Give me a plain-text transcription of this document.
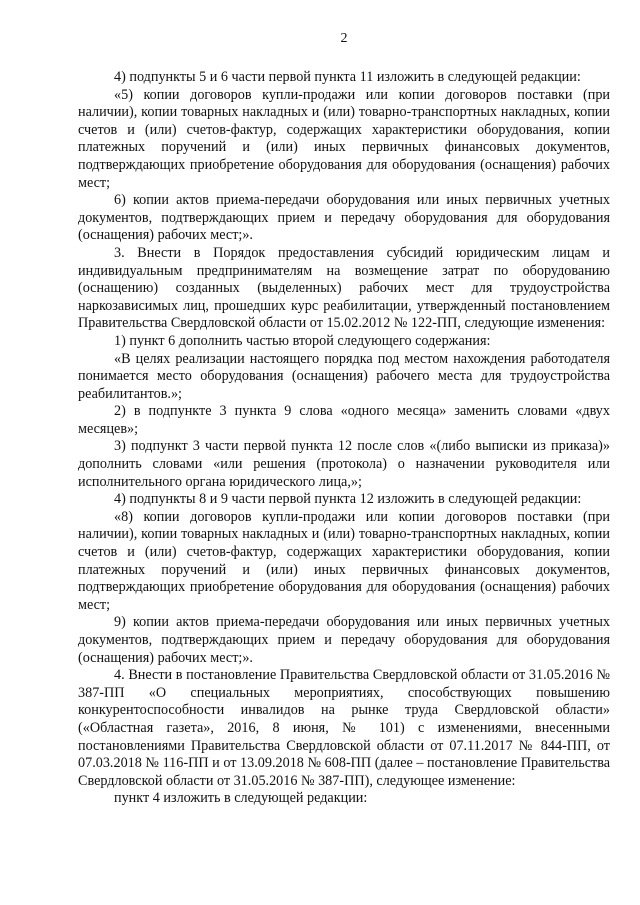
2

4) подпункты 5 и 6 части первой пункта 11 изложить в следующей редакции:

«5) копии договоров купли-продажи или копии договоров поставки (при наличии), копии товарных накладных и (или) товарно-транспортных накладных, копии счетов и (или) счетов-фактур, содержащих характеристики оборудования, копии платежных поручений и (или) иных первичных финансовых документов, подтверждающих приобретение оборудования для оборудования (оснащения) рабочих мест;

6) копии актов приема-передачи оборудования или иных первичных учетных документов, подтверждающих прием и передачу оборудования для оборудования (оснащения) рабочих мест;».

3. Внести в Порядок предоставления субсидий юридическим лицам и индивидуальным предпринимателям на возмещение затрат по оборудованию (оснащению) созданных (выделенных) рабочих мест для трудоустройства наркозависимых лиц, прошедших курс реабилитации, утвержденный постановлением Правительства Свердловской области от 15.02.2012 № 122-ПП, следующие изменения:

1) пункт 6 дополнить частью второй следующего содержания:

«В целях реализации настоящего порядка под местом нахождения работодателя понимается место оборудования (оснащения) рабочего места для трудоустройства реабилитантов.»;

2) в подпункте 3 пункта 9 слова «одного месяца» заменить словами «двух месяцев»;

3) подпункт 3 части первой пункта 12 после слов «(либо выписки из приказа)» дополнить словами «или решения (протокола) о назначении руководителя или исполнительного органа юридического лица,»;

4) подпункты 8 и 9 части первой пункта 12 изложить в следующей редакции:

«8) копии договоров купли-продажи или копии договоров поставки (при наличии), копии товарных накладных и (или) товарно-транспортных накладных, копии счетов и (или) счетов-фактур, содержащих характеристики оборудования, копии платежных поручений и (или) иных первичных финансовых документов, подтверждающих приобретение оборудования для оборудования (оснащения) рабочих мест;

9) копии актов приема-передачи оборудования или иных первичных учетных документов, подтверждающих прием и передачу оборудования для оборудования (оснащения) рабочих мест;».

4. Внести в постановление Правительства Свердловской области от 31.05.2016 № 387-ПП «О специальных мероприятиях, способствующих повышению конкурентоспособности инвалидов на рынке труда Свердловской области» («Областная газета», 2016, 8 июня, № 101) с изменениями, внесенными постановлениями Правительства Свердловской области от 07.11.2017 № 844-ПП, от 07.03.2018 № 116-ПП и от 13.09.2018 № 608-ПП (далее – постановление Правительства Свердловской области от 31.05.2016 № 387-ПП), следующее изменение:

пункт 4 изложить в следующей редакции:
